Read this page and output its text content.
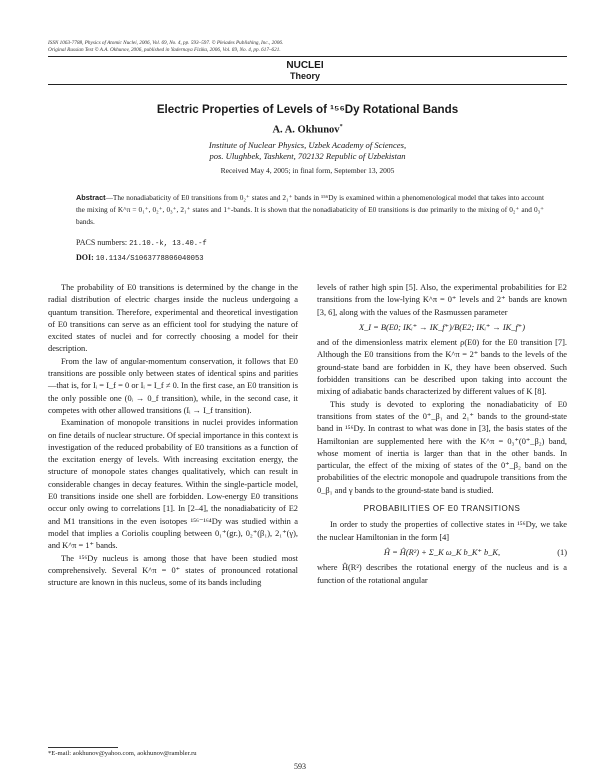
ISSN 1063-7788, Physics of Atomic Nuclei, 2006, Vol. 69, No. 4, pp. 593–597. © Pleiades Publishing, Inc., 2006.
Original Russian Text © A.A. Okhunov, 2006, published in Yadernaya Fizika, 2006, Vol. 69, No. 4, pp. 617–621.
NUCLEI
Theory
Electric Properties of Levels of ¹⁵⁶Dy Rotational Bands
A. A. Okhunov*
Institute of Nuclear Physics, Uzbek Academy of Sciences,
pos. Ulughbek, Tashkent, 702132 Republic of Uzbekistan
Received May 4, 2005; in final form, September 13, 2005
Abstract—The nonadiabaticity of E0 transitions from 0₂⁺ states and 2₁⁺ bands in ¹⁵⁶Dy is examined within a phenomenological model that takes into account the mixing of K^π = 0₁⁺, 0₂⁺, 0₃⁺, 2₁⁺ states and 1⁺-bands. It is shown that the nonadiabaticity of E0 transitions is due primarily to the mixing of 0₂⁺ and 0₃⁺ bands.
PACS numbers: 21.10.-k, 13.40.-f
DOI: 10.1134/S1063778806040053

The probability of E0 transitions is determined by the change in the radial distribution of electric charges inside the nucleus undergoing a quantum transition. Therefore, experimental and theoretical investigation of E0 transitions can serve as an efficient tool for studying the nature of excited states of nuclei and for correctly choosing a model for their description.

From the law of angular-momentum conservation, it follows that E0 transitions are possible only between states of identical spins and parities—that is, for Iᵢ = I_f = 0 or Iᵢ = I_f ≠ 0. In the first case, an E0 transition is the only possible one (0ᵢ → 0_f transition), while, in the second case, it competes with other allowed transitions (Iᵢ → I_f transition).

Examination of monopole transitions in nuclei provides information on fine details of nuclear structure. Of special importance in this context is investigation of the reduced probability of E0 transitions as a function of the excitation energy of levels. With increasing excitation energy, the structure of monopole states changes qualitatively, which can result in considerable changes in decay features. Within the single-particle model, E0 transitions inside one shell are forbidden. Low-energy E0 transitions occur only owing to correlations [1]. In [2–4], the nonadiabaticity of E2 and M1 transitions in the even isotopes ¹⁵⁶⁻¹⁶⁴Dy was studied within a model that implies a Coriolis coupling between 0₁⁺(gr.), 0₂⁺(β₁), 2₁⁺(γ), and K^π = 1⁺ bands.

The ¹⁵⁶Dy nucleus is among those that have been studied most comprehensively. Several K^π = 0⁺ states of pronounced rotational structure are known in this nucleus, some of its bands including

levels of rather high spin [5]. Also, the experimental probabilities for E2 transitions from the low-lying K^π = 0⁺ levels and 2⁺ bands are known [3, 6], along with the values of the Rasmussen parameter

X_I = B(E0; IKᵢ⁺ → IK_f⁺)/B(E2; IKᵢ⁺ → IK_f⁺)

and of the dimensionless matrix element ρ(E0) for the E0 transition [7]. Although the E0 transitions from the K^π = 2⁺ bands to the levels of the ground-state band are forbidden in K, they have been observed. Such forbidden transitions can be described upon taking into account the mixing of adiabatic bands characterized by different values of K [8].

This study is devoted to exploring the nonadiabaticity of E0 transitions from states of the 0⁺_β₁ and 2₁⁺ bands to the ground-state band in ¹⁵⁶Dy. In contrast to what was done in [3], the basis states of the Hamiltonian are supplemented here with the K^π = 0₃⁺(0⁺_β₂) band, whose moment of inertia is larger than that in the other bands. In particular, the effect of the mixing of states of the 0⁺_β₂ band on the probabilities of the electric monopole and quadrupole transitions from the 0_β₁ and γ bands to the ground-state band is studied.

PROBABILITIES OF E0 TRANSITIONS

In order to study the properties of collective states in ¹⁵⁶Dy, we take the nuclear Hamiltonian in the form [4]

Ĥ = Ĥ(R²) + Σ_K ω_K b_K⁺ b_K,	(1)

where Ĥ(R²) describes the rotational energy of the nucleus and is a function of the rotational angular

*E-mail: aokhunov@yahoo.com, aokhunov@rambler.ru
593
